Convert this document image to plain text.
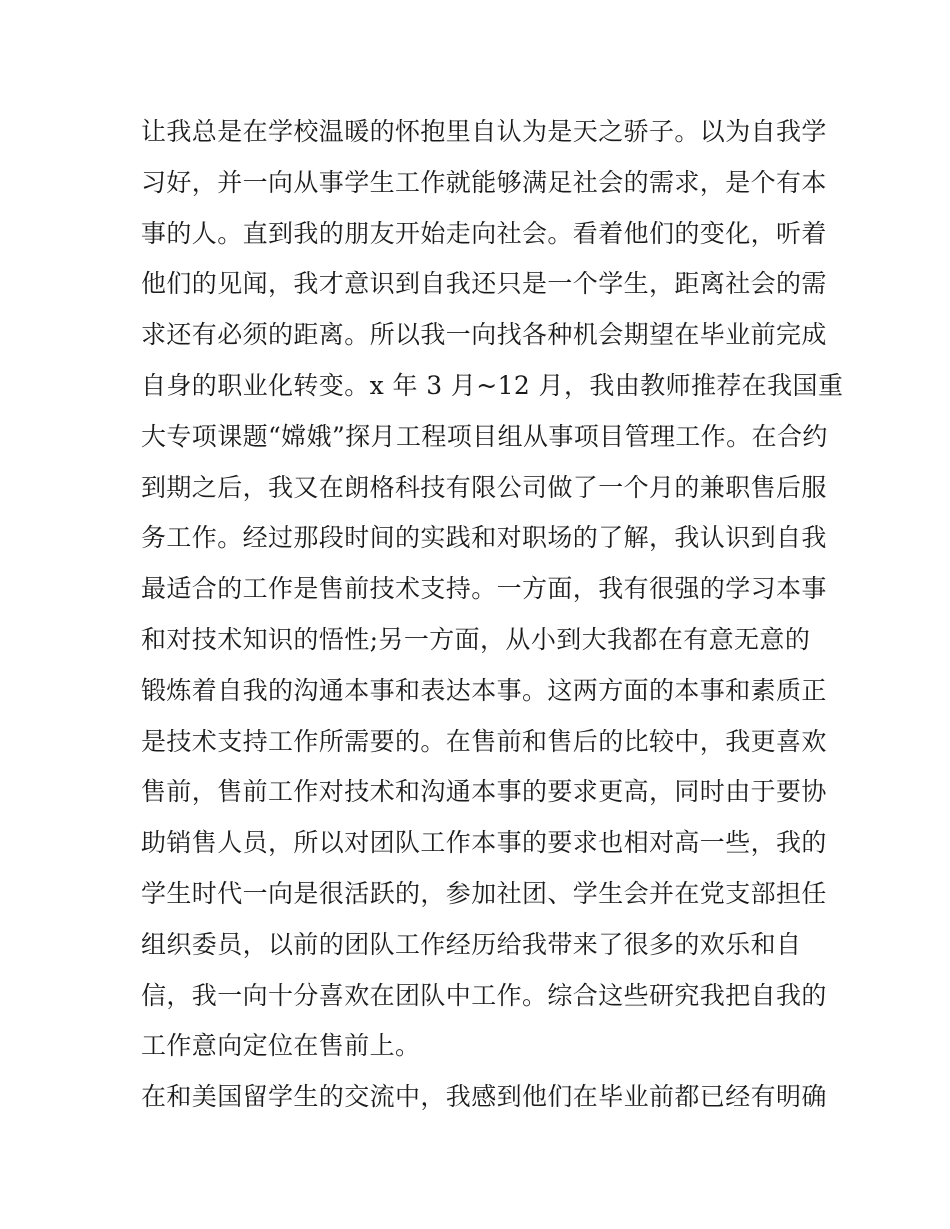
让我总是在学校温暖的怀抱里自认为是天之骄子。以为自我学
习好，并一向从事学生工作就能够满足社会的需求，是个有本
事的人。直到我的朋友开始走向社会。看着他们的变化，听着
他们的见闻，我才意识到自我还只是一个学生，距离社会的需
求还有必须的距离。所以我一向找各种机会期望在毕业前完成
自身的职业化转变。x 年 3 月~12 月，我由教师推荐在我国重
大专项课题“嫦娥”探月工程项目组从事项目管理工作。在合约
到期之后，我又在朗格科技有限公司做了一个月的兼职售后服
务工作。经过那段时间的实践和对职场的了解，我认识到自我
最适合的工作是售前技术支持。一方面，我有很强的学习本事
和对技术知识的悟性;另一方面，从小到大我都在有意无意的
锻炼着自我的沟通本事和表达本事。这两方面的本事和素质正
是技术支持工作所需要的。在售前和售后的比较中，我更喜欢
售前，售前工作对技术和沟通本事的要求更高，同时由于要协
助销售人员，所以对团队工作本事的要求也相对高一些，我的
学生时代一向是很活跃的，参加社团、学生会并在党支部担任
组织委员，以前的团队工作经历给我带来了很多的欢乐和自
信，我一向十分喜欢在团队中工作。综合这些研究我把自我的
工作意向定位在售前上。
在和美国留学生的交流中，我感到他们在毕业前都已经有明确
